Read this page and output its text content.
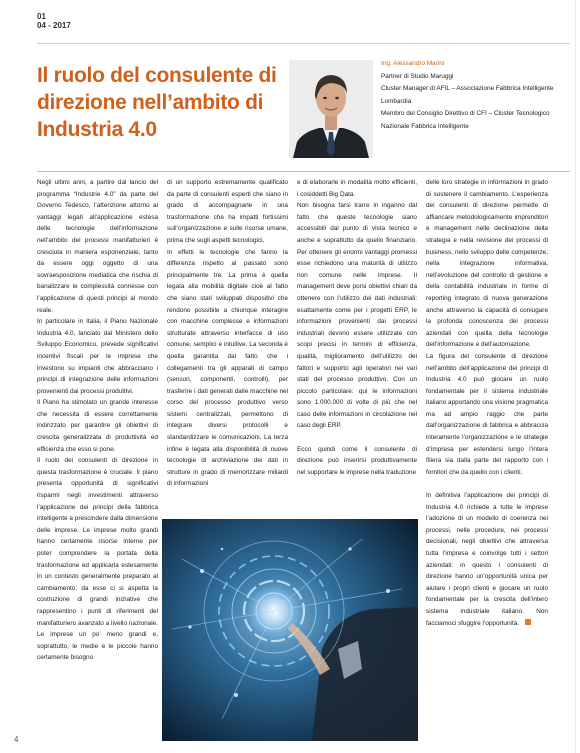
01
04 - 2017
Il ruolo del consulente di direzione nell’ambito di Industria 4.0

Ing. Alessandro Marini

Partner di Studio Maruggi

Cluster Manager di AFIL – Associazione Fabbrica Intelligente Lombardia

Membro del Consiglio Direttivo di CFI – Cluster Tecnologico Nazionale Fabbrica Intelligente

Negli ultimi anni, a partire dal lancio del programma “Industrie 4.0” da parte del Governo Tedesco, l’attenzione attorno ai vantaggi legati all’applicazione estesa delle tecnologie dell’informazione nell’ambito dei processi manifatturieri è cresciuta in maniera esponenziale, tanto da essere oggi oggetto di una sovraesposizione mediatica che rischia di banalizzare le complessità connesse con l’applicazione di questi principi al mondo reale.

In particolare in Italia, il Piano Nazionale Industria 4.0, lanciato dal Ministero dello Sviluppo Economico, prevede significativi incentivi fiscali per le imprese che investono su impianti che abbracciano i principi di integrazione delle informazioni provenienti dai processi produttivi.

Il Piano ha stimolato un grande interesse che necessita di essere correttamente indirizzato per garantire gli obiettivi di crescita generalizzata di produttività ed efficienza che esso si pone.

Il ruolo dei consulenti di direzione in questa trasformazione è cruciale. Il piano presenta opportunità di significativi risparmi negli investimenti attraverso l’applicazione dei principi della fabbrica intelligente a prescindere dalla dimensione delle imprese. Le imprese molto grandi hanno certamente risorse interne per poter comprendere la portata della trasformazione ed applicarla estesamente in un contesto generalmente preparato al cambiamento: da esse ci si aspetta la costruzione di grandi iniziative che rappresentino i punti di riferimenti del manifatturiero avanzato a livello nazionale. Le imprese un po’ meno grandi e, soprattutto, le medie e le piccole hanno certamente bisogno

di un supporto estremamente qualificato da parte di consulenti esperti che siano in grado di accompagnarle in una trasformazione che ha impatti fortissimi sull’organizzazione e sulle risorse umane, prima che sugli aspetti tecnologici.

In effetti le tecnologie che fanno la differenza rispetto al passato sono principalmente tre. La prima è quella legata alla mobilità digitale cioè al fatto che siano stati sviluppati dispositivi che rendono possibile a chiunque interagire con macchine complesse e informazioni strutturate attraverso interfacce di uso comune, semplici e intuitive. La seconda è quella garantita dal fatto che i collegamenti tra gli apparati di campo (sensori, componenti, controlli), per trasferire i dati generati dalle macchine nel corso del processo produttivo verso sistemi centralizzati, permettono di integrare diversi protocolli e standardizzare le comunicazioni. La terza infine è legata alla disponibilità di nuove tecnologie di archiviazione dei dati in strutture in grado di memorizzare miliardi di informazioni

e di elaborarle in modalità molto efficienti, i cosiddetti Big Data.

Non bisogna farsi trarre in inganno dal fatto che queste tecnologie siano accessibili dal punto di vista tecnico e anche e soprattutto da quello finanziario. Per ottenere gli enormi vantaggi promessi esse richiedono una maturità di utilizzo non comune nelle imprese. Il management deve porsi obiettivi chiari da ottenere con l’utilizzo dei dati industriali: esattamente come per i progetti ERP, le informazioni provenienti dai processi industriali devono essere utilizzate con scopi precisi in termini di efficienza, qualità, miglioramento dell’utilizzo dei fattori e supporto agli operatori nei vari stati del processo produttivo. Con un piccolo particolare: qui le informazioni sono 1.000.000 di volte di più che nel caso delle informazioni in circolazione nel caso degli ERP.

Ecco quindi come il consulente di direzione può inserirsi produttivamente nel supportare le imprese nella traduzione

delle loro strategie in informazioni in grado di sostenere il cambiamento. L’esperienza dei consulenti di direzione permette di affiancare metodologicamente imprenditori e management nelle declinazione della strategia e nella revisione dei processi di business, nello sviluppo delle competenze, nella integrazione informativa, nell’evoluzione del controllo di gestione e della contabilità industriale in forme di reporting integrato di nuova generazione anche attraverso la capacità di coniugare la profonda conoscenza dei processi aziendali con quella della tecnologie dell’informazione e dell’automazione.

La figura del consulente di direzione nell’ambito dell’applicazione dei principi di Industria 4.0 può giocare un ruolo fondamentale per il sistema industriale italiano apportando una visione pragmatica ma ad ampio raggio che parte dall’organizzazione di fabbrica e abbraccia interamente l’organizzazione e le strategie d’impresa per estendersi lungo l’intera filiera sia dalla parte del rapporto con i fornitori che da quello con i clienti.

In definitiva l’applicazione dei principi di Industria 4.0 richiede a tutte le imprese l’adozione di un modello di coerenza nei processi, nelle procedure, nei processi decisionali, negli obiettivi che attraversa tutta l’impresa e coinvolge tutti i settori aziendali: in questo i consulenti di direzione hanno un’opportunità unica per aiutare i propri clienti e giocare un ruolo fondamentale per la crescita dell’intero sistema industriale italiano. Non facciamoci sfuggire l’opportunità.

4
